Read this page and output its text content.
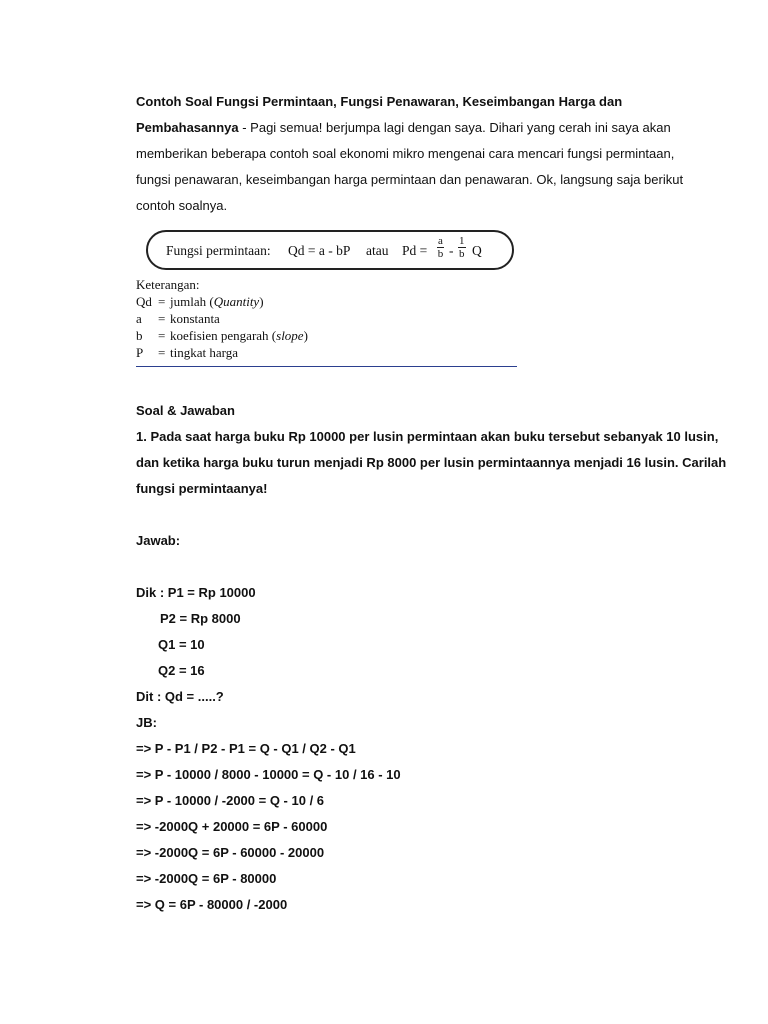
Contoh Soal Fungsi Permintaan, Fungsi Penawaran, Keseimbangan Harga dan
Pembahasannya - Pagi semua! berjumpa lagi dengan saya. Dihari yang cerah ini saya akan
memberikan beberapa contoh soal ekonomi mikro mengenai cara mencari fungsi permintaan,
fungsi penawaran, keseimbangan harga permintaan dan penawaran. Ok, langsung saja berikut
contoh soalnya.
Fungsi permintaan: Qd = a - bP atau $Pd = \frac{a}{b} - \frac{1}{b}$ Q
Keterangan:
Qd = jumlah (Quantity)
a = konstanta
b = koefisien pengarah (slope)
P = tingkat harga
Soal & Jawaban
1. Pada saat harga buku Rp 10000 per lusin permintaan akan buku tersebut sebanyak 10 lusin,
dan ketika harga buku turun menjadi Rp 8000 per lusin permintaannya menjadi 16 lusin. Carilah
fungsi permintaanya!
Jawab:
Dik : P1 = Rp 10000
P2 = Rp 8000
Q1 = 10
Q2 = 16
Dit : Qd = .....?
JB:
=> P - P1 / P2 - P1 = Q - Q1 / Q2 - Q1
=> P - 10000 / 8000 - 10000 = Q - 10 / 16 - 10
=> P - 10000 / -2000 = Q - 10 / 6
=> -2000Q + 20000 = 6P - 60000
=> -2000Q = 6P - 60000 - 20000
=> -2000Q = 6P - 80000
=> Q = 6P - 80000 / -2000
